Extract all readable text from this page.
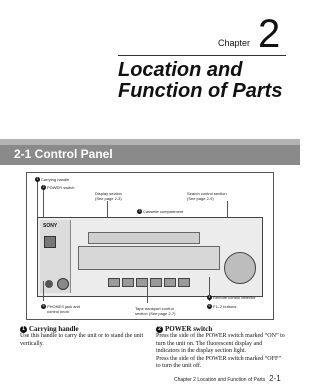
Chapter 2
Location and Function of Parts
2-1 Control Panel
1 Carrying handle
2 POWER switch
Display section
(See page 2-3)
Search control section
(See page 2-9)
3 Cassette compartment
SONY
4 Remote control detector
5 PHONES jack and
control knob
Tape transport control
section (See page 2-7)
6 F1–2 buttons
1 Carrying handle
Use this handle to carry the unit or to stand the unit vertically.
2 POWER switch
Press the side of the POWER switch marked “ON” to turn the unit on. The fluorescent display and indicators in the display section light.
Press the side of the POWER switch marked “OFF” to turn the unit off.
Chapter 2 Location and Function of Parts 2-1
